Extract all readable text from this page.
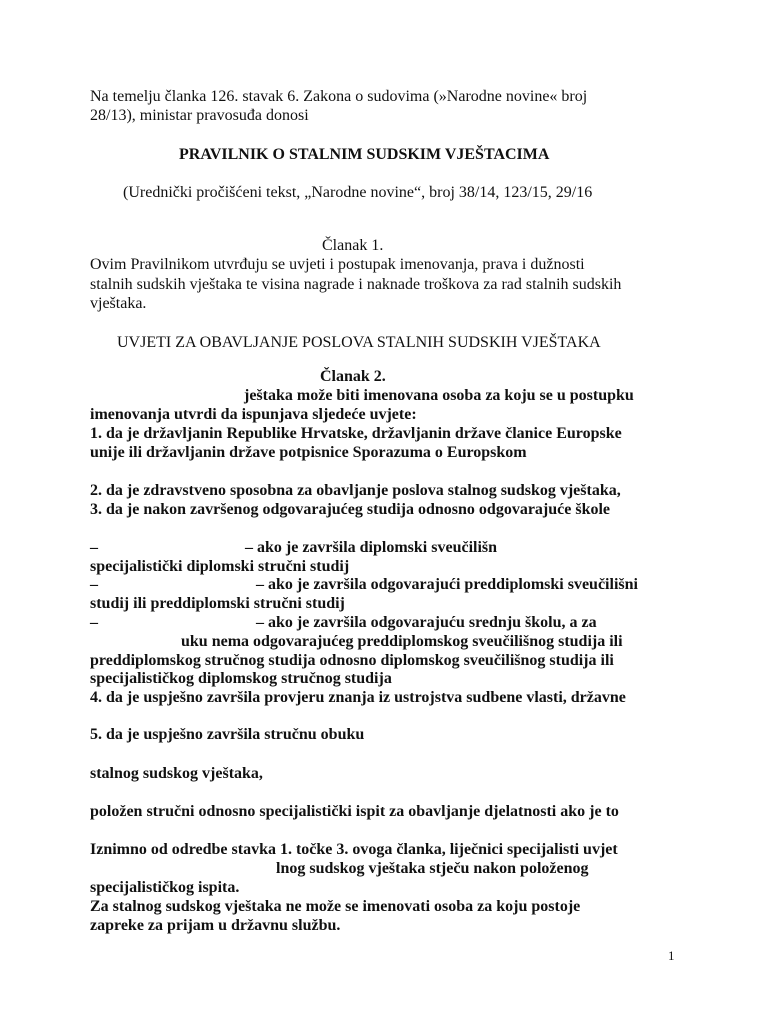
Na temelju članka 126. stavak 6. Zakona o sudovima (»Narodne novine« broj
28/13), ministar pravosuđa donosi
PRAVILNIK O STALNIM SUDSKIM VJEŠTACIMA
(Urednički pročišćeni tekst, „Narodne novine“, broj 38/14, 123/15, 29/16
Članak 1.
Ovim Pravilnikom utvrđuju se uvjeti i postupak imenovanja, prava i dužnosti
stalnih sudskih vještaka te visina nagrade i naknade troškova za rad stalnih sudskih
vještaka.
UVJETI ZA OBAVLJANJE POSLOVA STALNIH SUDSKIH VJEŠTAKA
Članak 2.
ještaka može biti imenovana osoba za koju se u postupku
imenovanja utvrdi da ispunjava sljedeće uvjete:
1. da je državljanin Republike Hrvatske, državljanin države članice Europske
unije ili državljanin države potpisnice Sporazuma o Europskom
2. da je zdravstveno sposobna za obavljanje poslova stalnog sudskog vještaka,
3. da je nakon završenog odgovarajućeg studija odnosno odgovarajuće škole
–	– ako je završila diplomski sveučilišn
specijalistički diplomski stručni studij
–	– ako je završila odgovarajući preddiplomski sveučilišni
studij ili preddiplomski stručni studij
–	– ako je završila odgovarajuću srednju školu, a za
uku nema odgovarajućeg preddiplomskog sveučilišnog studija ili
preddiplomskog stručnog studija odnosno diplomskog sveučilišnog studija ili
specijalističkog diplomskog stručnog studija
4. da je uspješno završila provjeru znanja iz ustrojstva sudbene vlasti, državne
5. da je uspješno završila stručnu obuku
stalnog sudskog vještaka,
položen stručni odnosno specijalistički ispit za obavljanje djelatnosti ako je to
Iznimno od odredbe stavka 1. točke 3. ovoga članka, liječnici specijalisti uvjet
lnog sudskog vještaka stječu nakon položenog
specijalističkog ispita.
Za stalnog sudskog vještaka ne može se imenovati osoba za koju postoje
zapreke za prijam u državnu službu.
1
